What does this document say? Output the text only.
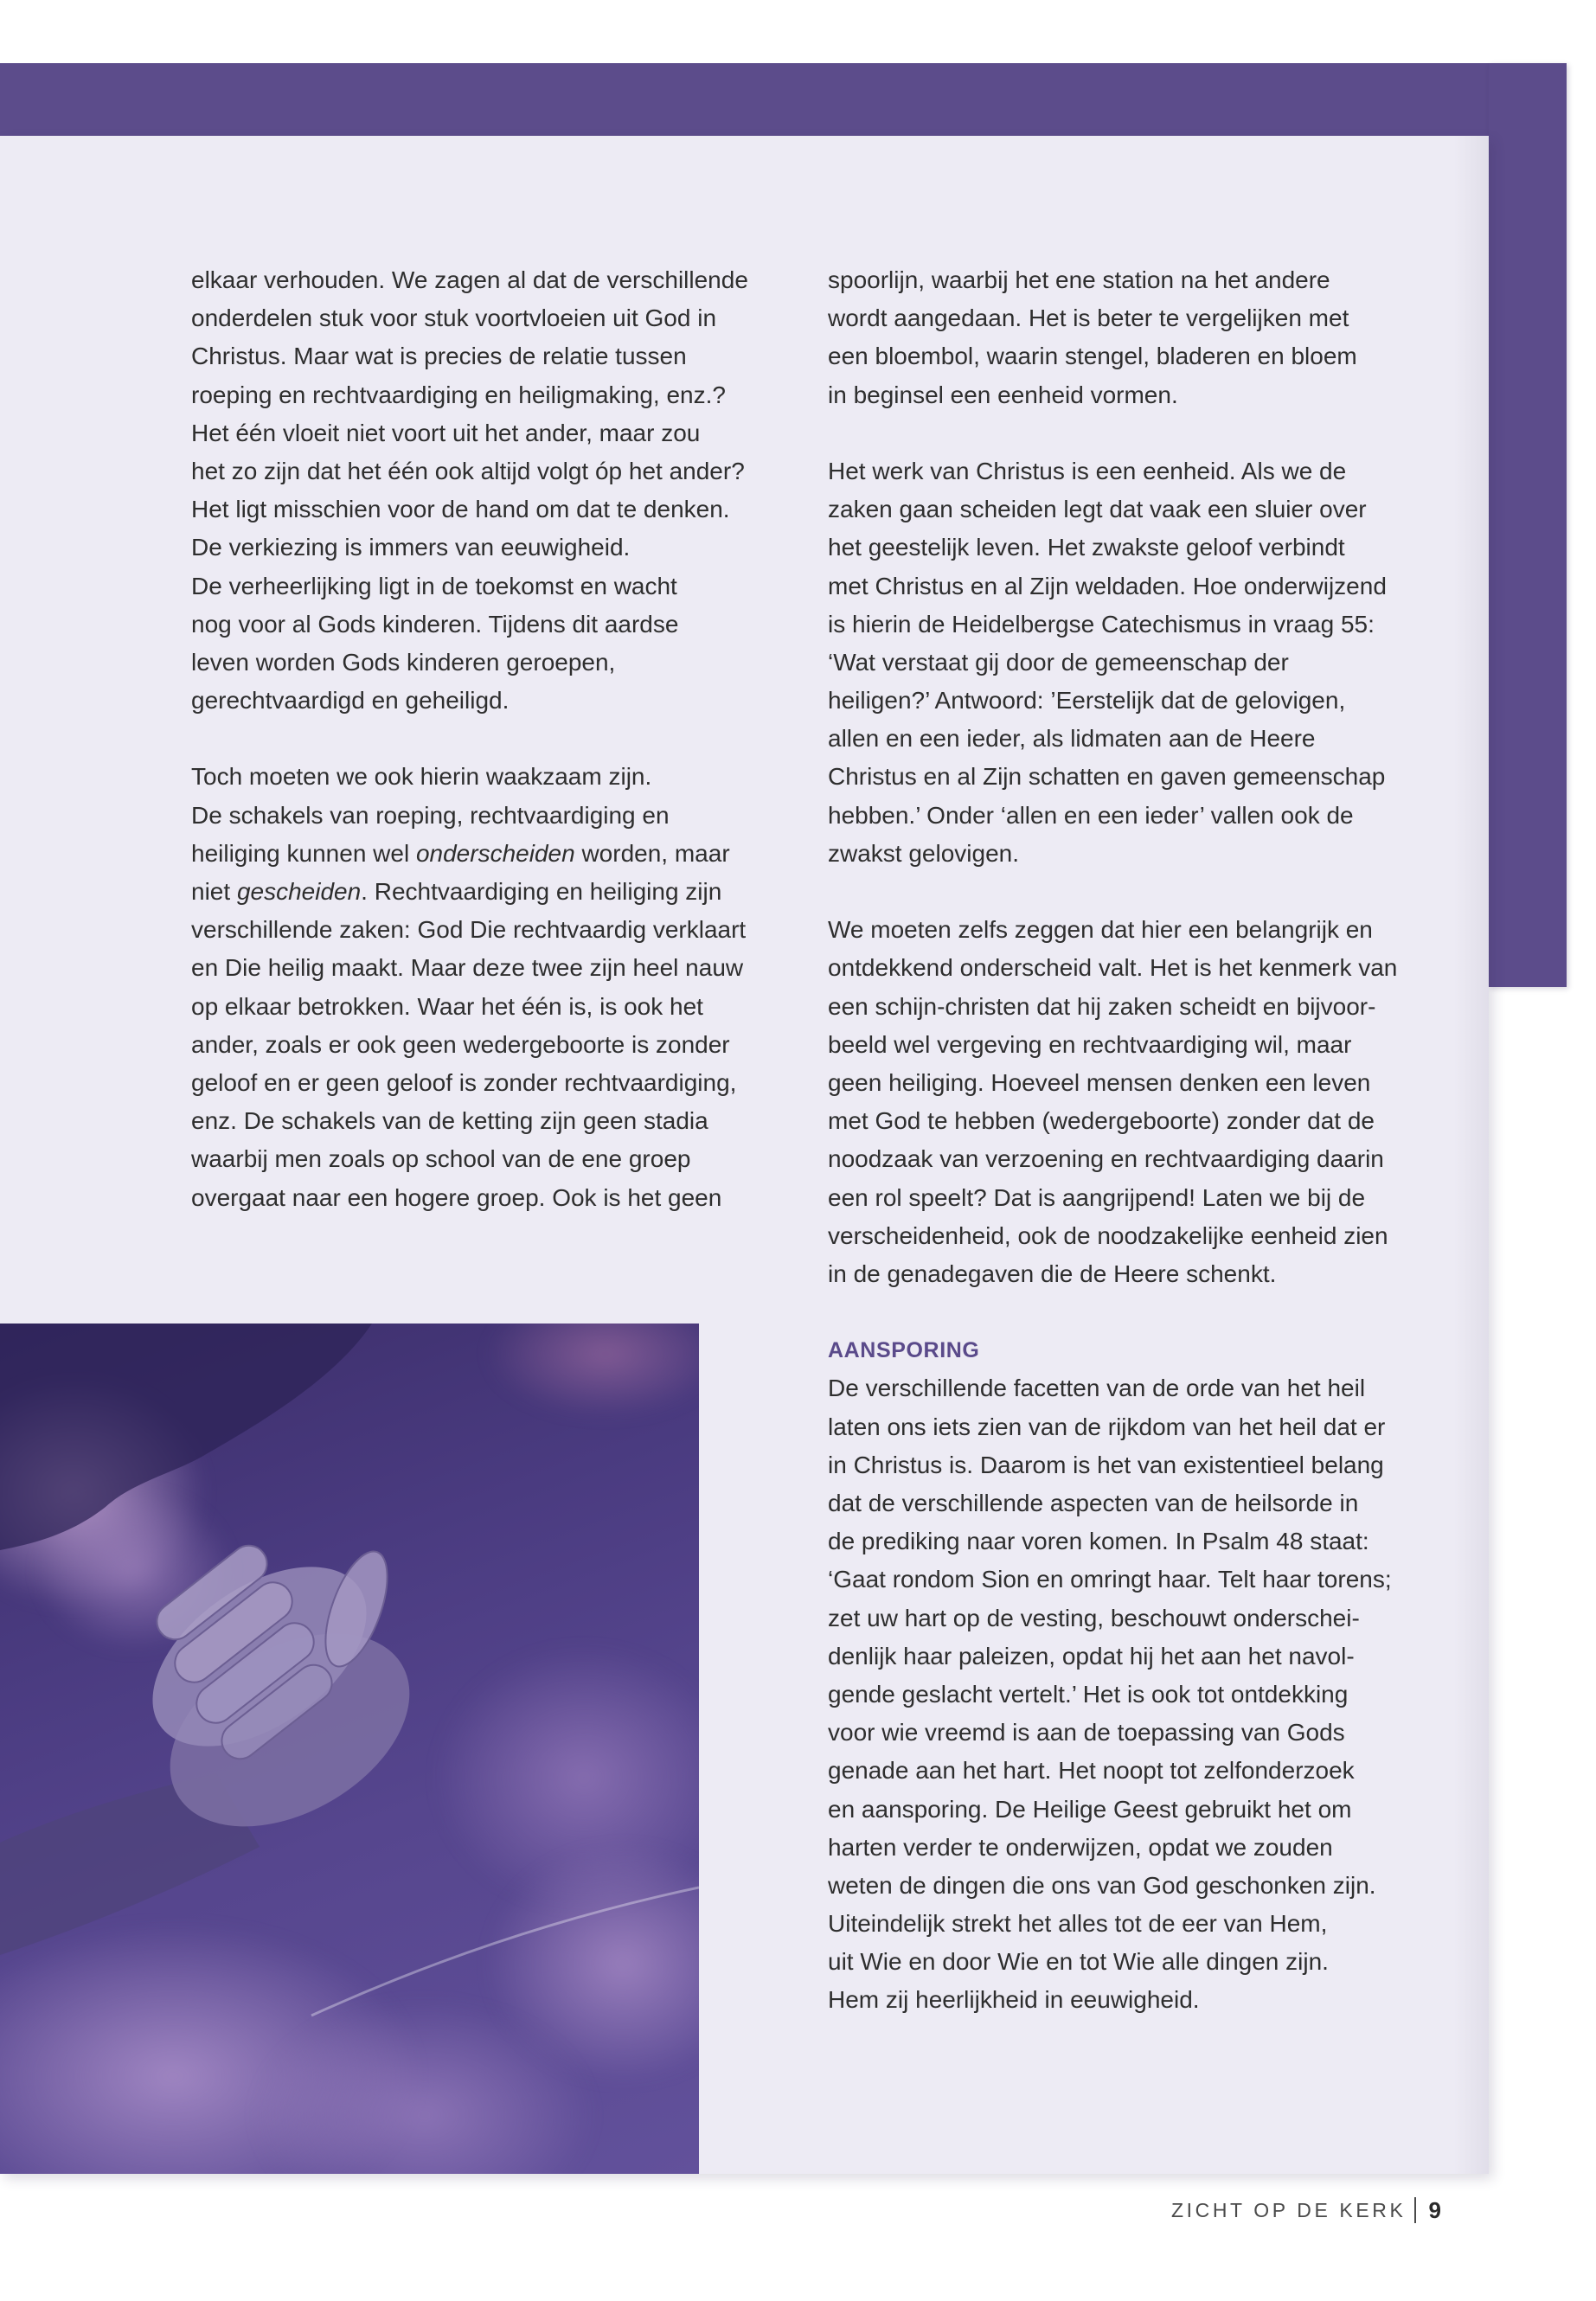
elkaar verhouden. We zagen al dat de verschillende
onderdelen stuk voor stuk voortvloeien uit God in
Christus. Maar wat is precies de relatie tussen
roeping en rechtvaardiging en heiligmaking, enz.?
Het één vloeit niet voort uit het ander, maar zou
het zo zijn dat het één ook altijd volgt óp het ander?
Het ligt misschien voor de hand om dat te denken.
De verkiezing is immers van eeuwigheid.
De verheerlijking ligt in de toekomst en wacht
nog voor al Gods kinderen. Tijdens dit aardse
leven worden Gods kinderen geroepen,
gerechtvaardigd en geheiligd.
Toch moeten we ook hierin waakzaam zijn.
De schakels van roeping, rechtvaardiging en
heiliging kunnen wel onderscheiden worden, maar
niet gescheiden. Rechtvaardiging en heiliging zijn
verschillende zaken: God Die rechtvaardig verklaart
en Die heilig maakt. Maar deze twee zijn heel nauw
op elkaar betrokken. Waar het één is, is ook het
ander, zoals er ook geen wedergeboorte is zonder
geloof en er geen geloof is zonder rechtvaardiging,
enz. De schakels van de ketting zijn geen stadia
waarbij men zoals op school van de ene groep
overgaat naar een hogere groep. Ook is het geen
spoorlijn, waarbij het ene station na het andere
wordt aangedaan. Het is beter te vergelijken met
een bloembol, waarin stengel, bladeren en bloem
in beginsel een eenheid vormen.
Het werk van Christus is een eenheid. Als we de
zaken gaan scheiden legt dat vaak een sluier over
het geestelijk leven. Het zwakste geloof verbindt
met Christus en al Zijn weldaden. Hoe onderwijzend
is hierin de Heidelbergse Catechismus in vraag 55:
‘Wat verstaat gij door de gemeenschap der
heiligen?’ Antwoord: ’Eerstelijk dat de gelovigen,
allen en een ieder, als lidmaten aan de Heere
Christus en al Zijn schatten en gaven gemeenschap
hebben.’ Onder ‘allen en een ieder’ vallen ook de
zwakst gelovigen.
We moeten zelfs zeggen dat hier een belangrijk en
ontdekkend onderscheid valt. Het is het kenmerk van
een schijn-christen dat hij zaken scheidt en bijvoor-
beeld wel vergeving en rechtvaardiging wil, maar
geen heiliging. Hoeveel mensen denken een leven
met God te hebben (wedergeboorte) zonder dat de
noodzaak van verzoening en rechtvaardiging daarin
een rol speelt? Dat is aangrijpend! Laten we bij de
verscheidenheid, ook de noodzakelijke eenheid zien
in de genadegaven die de Heere schenkt.
AANSPORING
De verschillende facetten van de orde van het heil
laten ons iets zien van de rijkdom van het heil dat er
in Christus is. Daarom is het van existentieel belang
dat de verschillende aspecten van de heilsorde in
de prediking naar voren komen. In Psalm 48 staat:
‘Gaat rondom Sion en omringt haar. Telt haar torens;
zet uw hart op de vesting, beschouwt onderschei-
denlijk haar paleizen, opdat hij het aan het navol-
gende geslacht vertelt.’ Het is ook tot ontdekking
voor wie vreemd is aan de toepassing van Gods
genade aan het hart. Het noopt tot zelfonderzoek
en aansporing. De Heilige Geest gebruikt het om
harten verder te onderwijzen, opdat we zouden
weten de dingen die ons van God geschonken zijn.
Uiteindelijk strekt het alles tot de eer van Hem,
uit Wie en door Wie en tot Wie alle dingen zijn.
Hem zij heerlijkheid in eeuwigheid.
ZICHT OP DE KERK 9
